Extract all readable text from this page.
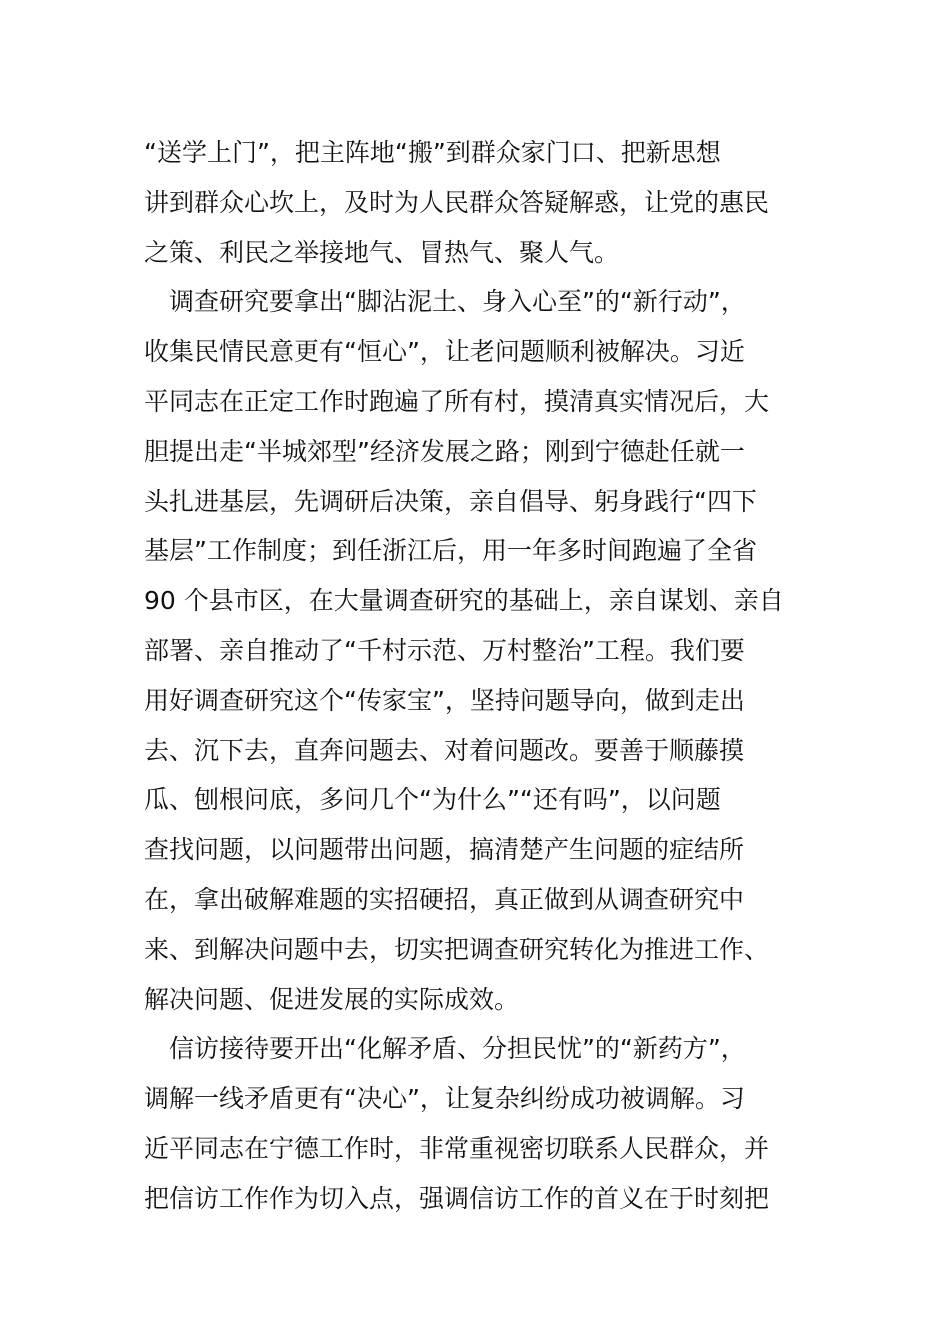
“送学上门”，把主阵地“搬”到群众家门口、把新思想
讲到群众心坎上，及时为人民群众答疑解惑，让党的惠民
之策、利民之举接地气、冒热气、聚人气。
调查研究要拿出“脚沾泥土、身入心至”的“新行动”，
收集民情民意更有“恒心”，让老问题顺利被解决。习近
平同志在正定工作时跑遍了所有村，摸清真实情况后，大
胆提出走“半城郊型”经济发展之路；刚到宁德赴任就一
头扎进基层，先调研后决策，亲自倡导、躬身践行“四下
基层”工作制度；到任浙江后，用一年多时间跑遍了全省
90 个县市区，在大量调查研究的基础上，亲自谋划、亲自
部署、亲自推动了“千村示范、万村整治”工程。我们要
用好调查研究这个“传家宝”，坚持问题导向，做到走出
去、沉下去，直奔问题去、对着问题改。要善于顺藤摸
瓜、刨根问底，多问几个“为什么”“还有吗”，以问题
查找问题，以问题带出问题，搞清楚产生问题的症结所
在，拿出破解难题的实招硬招，真正做到从调查研究中
来、到解决问题中去，切实把调查研究转化为推进工作、
解决问题、促进发展的实际成效。
信访接待要开出“化解矛盾、分担民忧”的“新药方”，
调解一线矛盾更有“决心”，让复杂纠纷成功被调解。习
近平同志在宁德工作时，非常重视密切联系人民群众，并
把信访工作作为切入点，强调信访工作的首义在于时刻把
